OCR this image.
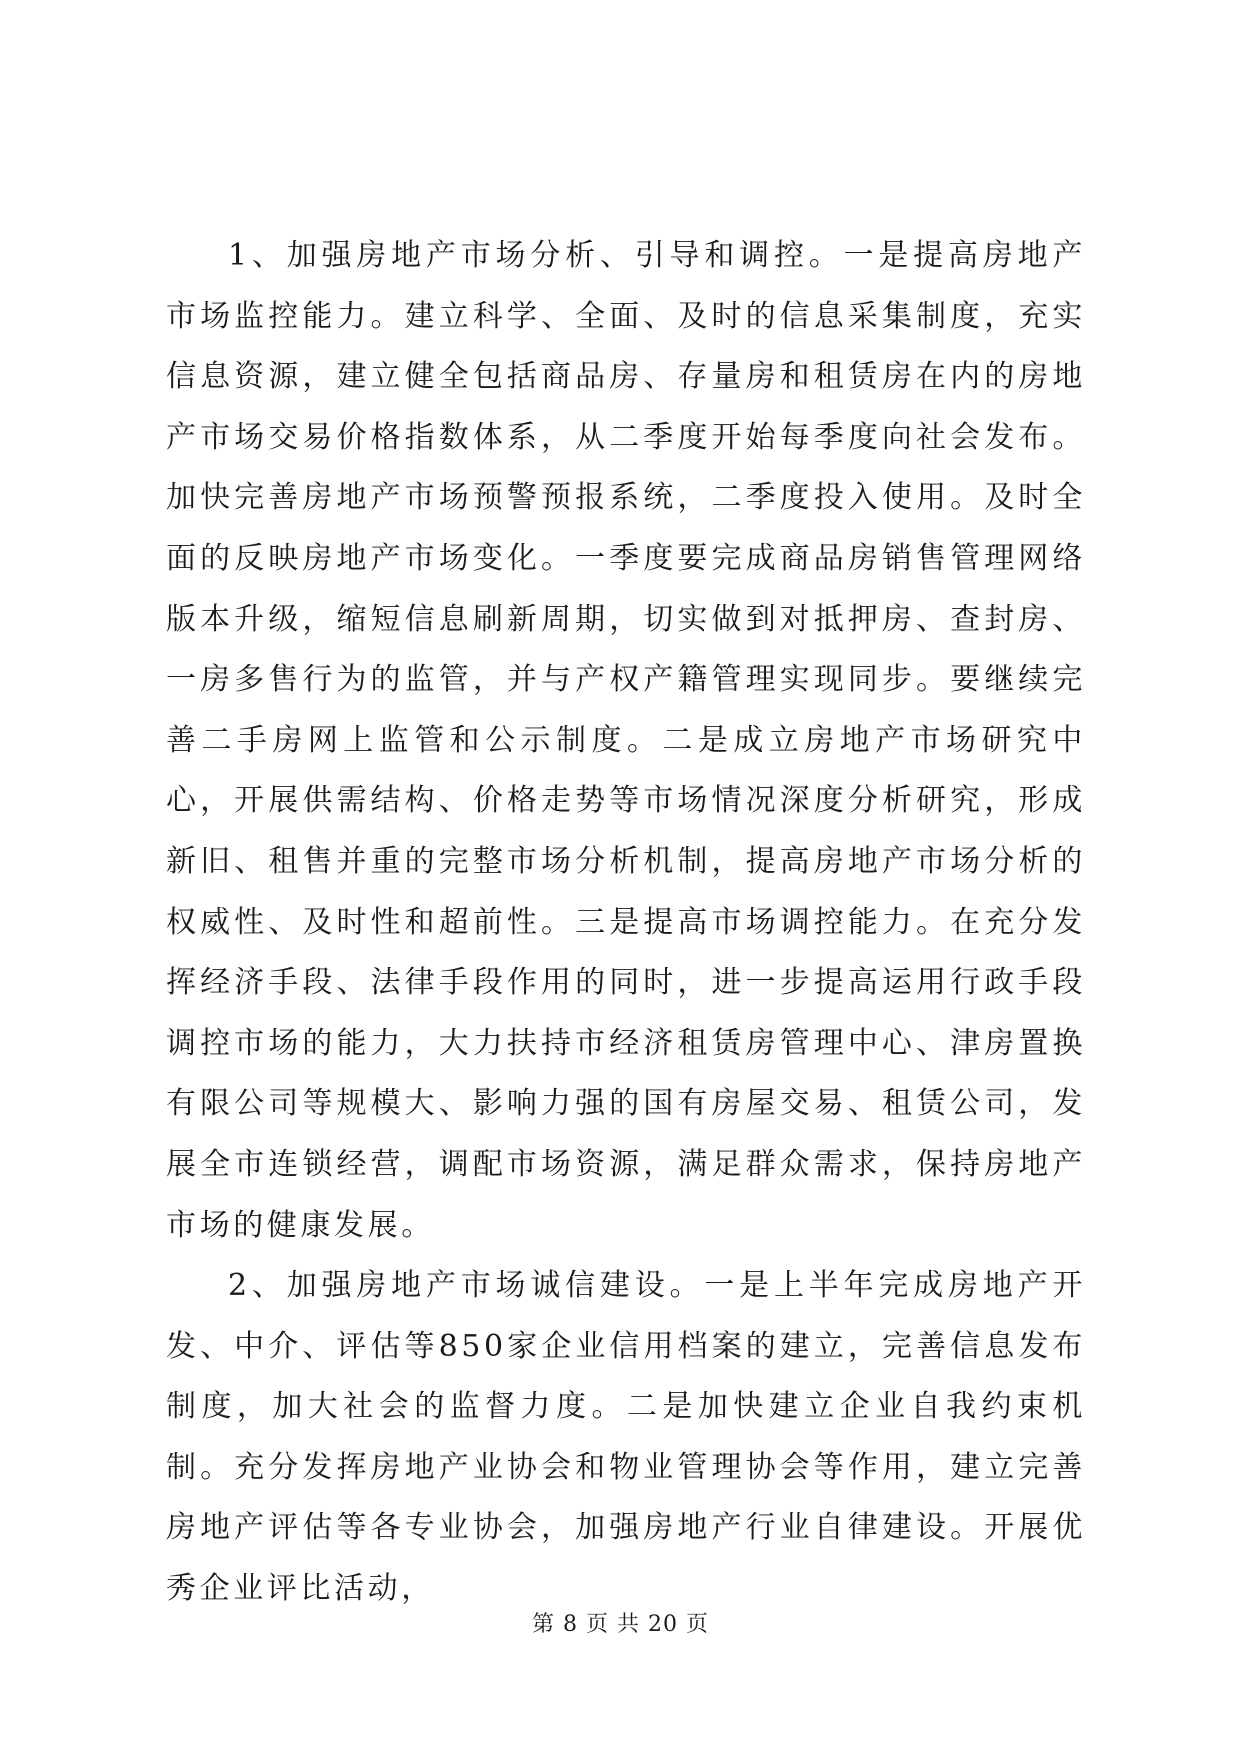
1、加强房地产市场分析、引导和调控。一是提高房地产市场监控能力。建立科学、全面、及时的信息采集制度，充实信息资源，建立健全包括商品房、存量房和租赁房在内的房地产市场交易价格指数体系，从二季度开始每季度向社会发布。加快完善房地产市场预警预报系统，二季度投入使用。及时全面的反映房地产市场变化。一季度要完成商品房销售管理网络版本升级，缩短信息刷新周期，切实做到对抵押房、查封房、一房多售行为的监管，并与产权产籍管理实现同步。要继续完善二手房网上监管和公示制度。二是成立房地产市场研究中心，开展供需结构、价格走势等市场情况深度分析研究，形成新旧、租售并重的完整市场分析机制，提高房地产市场分析的权威性、及时性和超前性。三是提高市场调控能力。在充分发挥经济手段、法律手段作用的同时，进一步提高运用行政手段调控市场的能力，大力扶持市经济租赁房管理中心、津房置换有限公司等规模大、影响力强的国有房屋交易、租赁公司，发展全市连锁经营，调配市场资源，满足群众需求，保持房地产市场的健康发展。

2、加强房地产市场诚信建设。一是上半年完成房地产开发、中介、评估等850家企业信用档案的建立，完善信息发布制度，加大社会的监督力度。二是加快建立企业自我约束机制。充分发挥房地产业协会和物业管理协会等作用，建立完善房地产评估等各专业协会，加强房地产行业自律建设。开展优秀企业评比活动，

第 8 页 共 20 页
